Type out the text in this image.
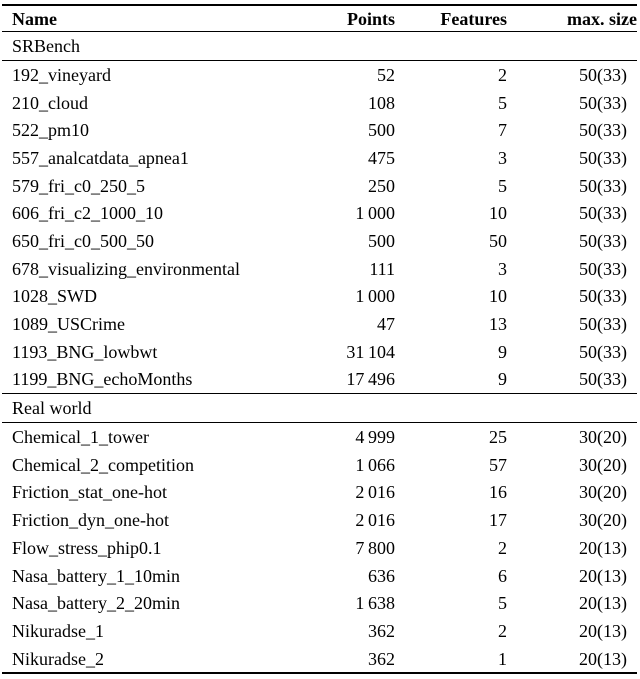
Name	Points	Features	max. size
SRBench			
192_vineyard	52	2	50(33)
210_cloud	108	5	50(33)
522_pm10	500	7	50(33)
557_analcatdata_apnea1	475	3	50(33)
579_fri_c0_250_5	250	5	50(33)
606_fri_c2_1000_10	1 000	10	50(33)
650_fri_c0_500_50	500	50	50(33)
678_visualizing_environmental	111	3	50(33)
1028_SWD	1 000	10	50(33)
1089_USCrime	47	13	50(33)
1193_BNG_lowbwt	31 104	9	50(33)
1199_BNG_echoMonths	17 496	9	50(33)
Real world			
Chemical_1_tower	4 999	25	30(20)
Chemical_2_competition	1 066	57	30(20)
Friction_stat_one-hot	2 016	16	30(20)
Friction_dyn_one-hot	2 016	17	30(20)
Flow_stress_phip0.1	7 800	2	20(13)
Nasa_battery_1_10min	636	6	20(13)
Nasa_battery_2_20min	1 638	5	20(13)
Nikuradse_1	362	2	20(13)
Nikuradse_2	362	1	20(13)
